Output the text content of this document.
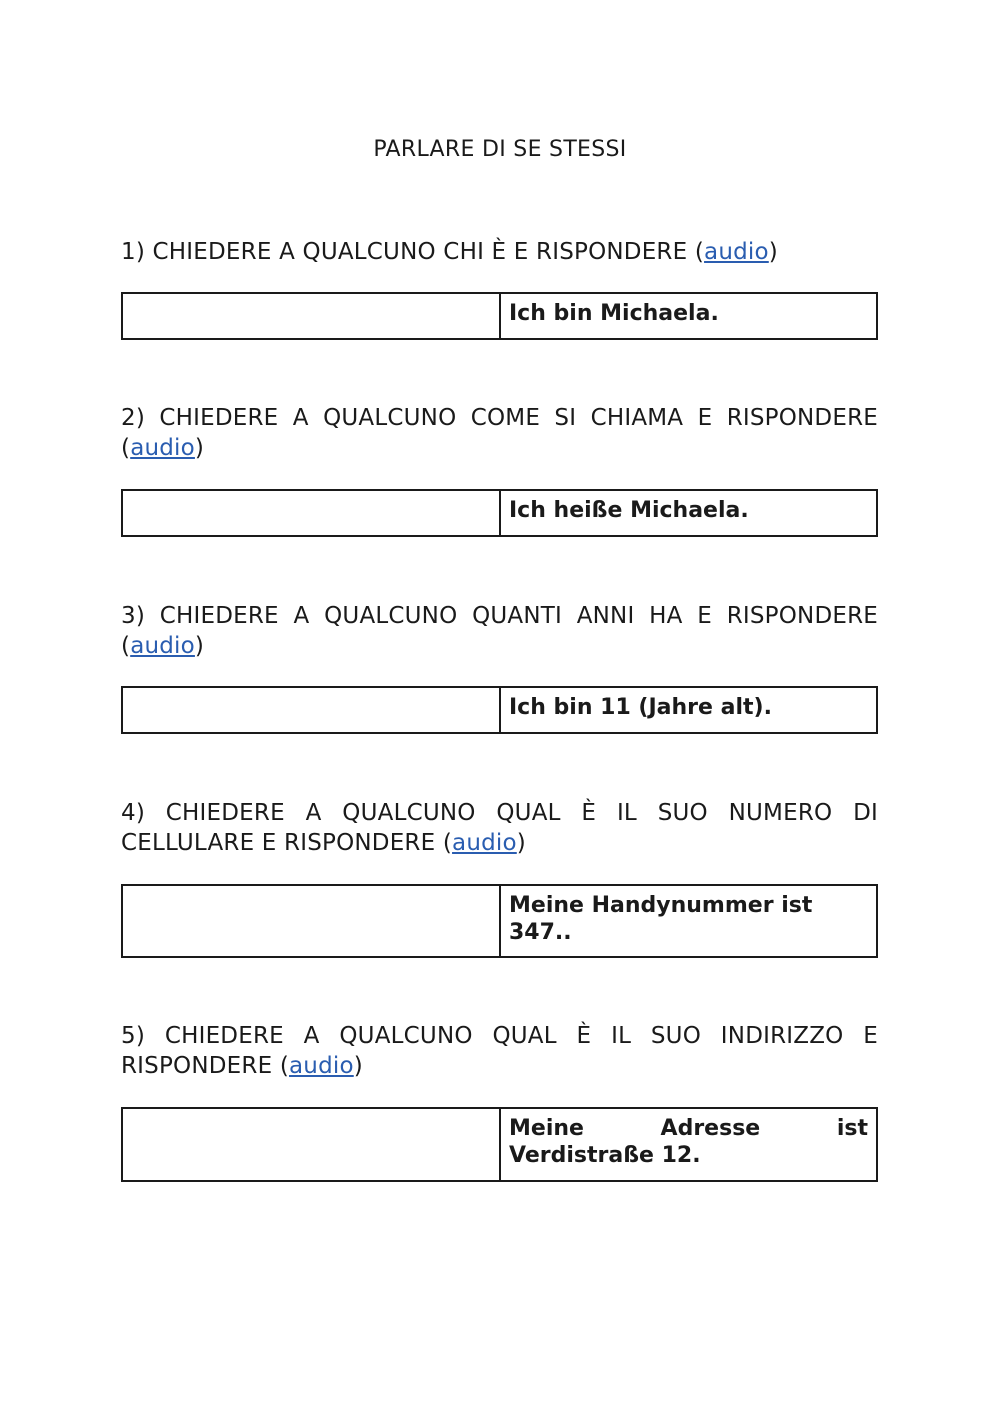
PARLARE DI SE STESSI
1) CHIEDERE A QUALCUNO CHI È E RISPONDERE (audio)
	Ich bin Michaela.
2) CHIEDERE A QUALCUNO COME SI CHIAMA E RISPONDERE (audio)
	Ich heiße Michaela.
3) CHIEDERE A QUALCUNO QUANTI ANNI HA E RISPONDERE (audio)
	Ich bin 11 (Jahre alt).
4) CHIEDERE A QUALCUNO QUAL È IL SUO NUMERO DI CELLULARE E RISPONDERE (audio)
	Meine Handynummer ist 347..
5) CHIEDERE A QUALCUNO QUAL È IL SUO INDIRIZZO E RISPONDERE (audio)
	Meine Adresse ist Verdistraße 12.
